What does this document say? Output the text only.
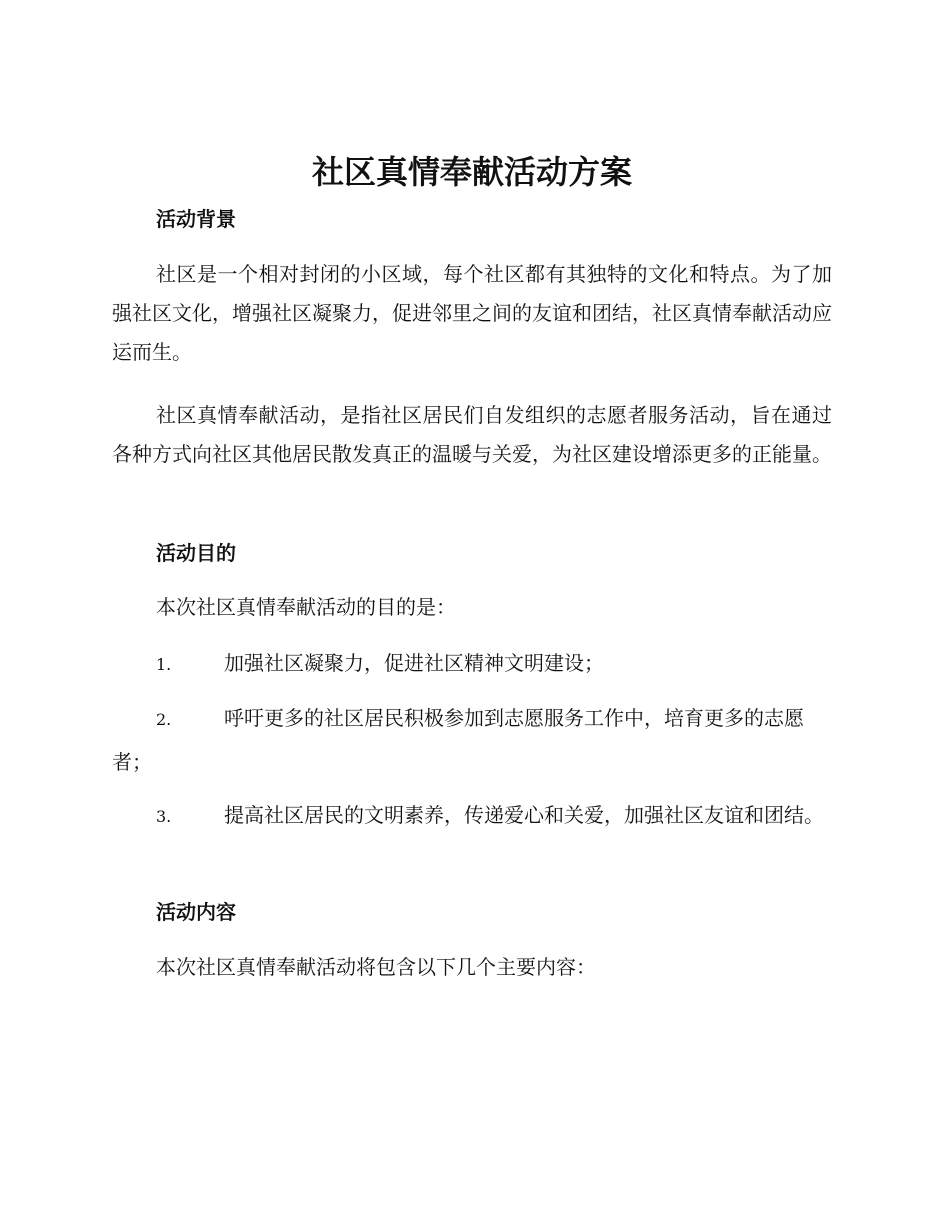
社区真情奉献活动方案
活动背景

社区是一个相对封闭的小区域，每个社区都有其独特的文化和特点。为了加强社区文化，增强社区凝聚力，促进邻里之间的友谊和团结，社区真情奉献活动应运而生。

社区真情奉献活动，是指社区居民们自发组织的志愿者服务活动，旨在通过各种方式向社区其他居民散发真正的温暖与关爱，为社区建设增添更多的正能量。

活动目的

本次社区真情奉献活动的目的是：

1.	加强社区凝聚力，促进社区精神文明建设；

2.	呼吁更多的社区居民积极参加到志愿服务工作中，培育更多的志愿者；

3.	提高社区居民的文明素养，传递爱心和关爱，加强社区友谊和团结。

活动内容

本次社区真情奉献活动将包含以下几个主要内容：
